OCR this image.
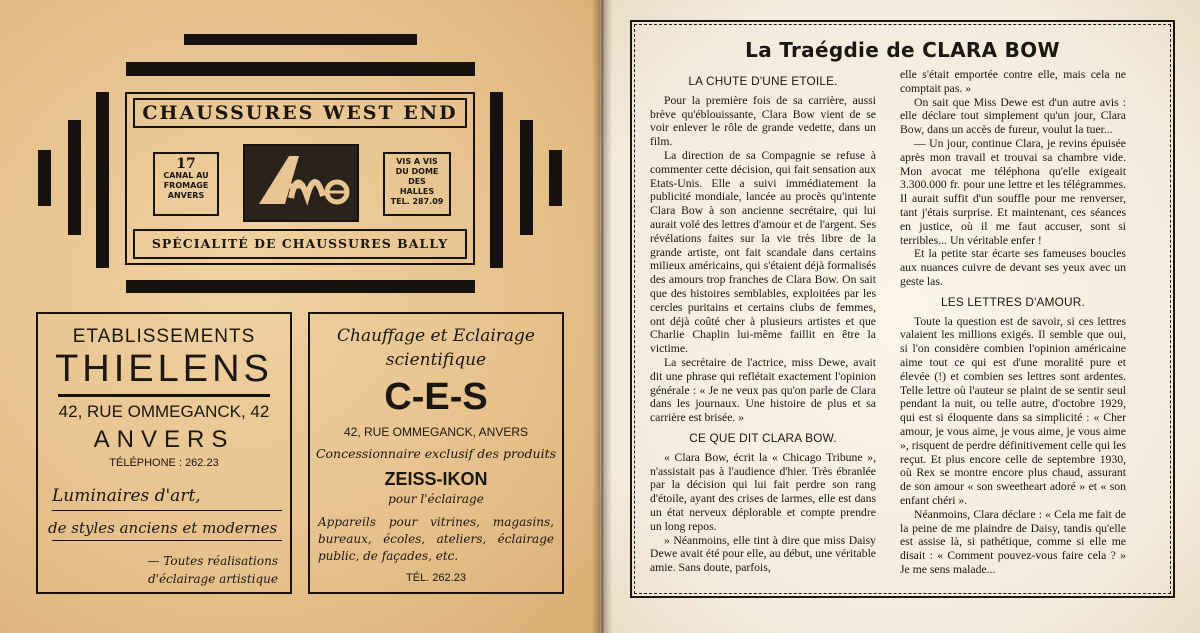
CHAUSSURES WEST END
17
CANAL AU
FROMAGE
ANVERS
VIS A VIS
DU DOME
DES
HALLES
TEL. 287.09
SPÉCIALITÉ DE CHAUSSURES BALLY
ETABLISSEMENTS
THIELENS
42, RUE OMMEGANCK, 42
ANVERS
TÉLÉPHONE : 262.23
Luminaires d'art,
de styles anciens et modernes
— Toutes réalisations
d'éclairage artistique
Chauffage et Eclairage
scientifique
C-E-S
42, RUE OMMEGANCK, ANVERS
Concessionnaire exclusif des produits
ZEISS-IKON
pour l'éclairage
Appareils pour vitrines, magasins, bureaux, écoles, ateliers, éclairage public, de façades, etc.
TÉL. 262.23
La Traégdie de CLARA BOW
LA CHUTE D'UNE ETOILE.

Pour la première fois de sa carrière, aussi brève qu'éblouissante, Clara Bow vient de se voir enlever le rôle de grande vedette, dans un film.

La direction de sa Compagnie se refuse à commenter cette décision, qui fait sensation aux Etats-Unis. Elle a suivi immédiatement la publicité mondiale, lancée au procès qu'intente Clara Bow à son ancienne secrétaire, qui lui aurait volé des lettres d'amour et de l'argent. Ses révélations faites sur la vie très libre de la grande artiste, ont fait scandale dans certains milieux américains, qui s'étaient déjà formalisés des amours trop franches de Clara Bow. On sait que des histoires semblables, exploitées par les cercles puritains et certains clubs de femmes, ont déjà coûté cher à plusieurs artistes et que Charlie Chaplin lui-même faillit en être la victime.

La secrétaire de l'actrice, miss Dewe, avait dit une phrase qui reflétait exactement l'opinion générale : « Je ne veux pas qu'on parle de Clara dans les journaux. Une histoire de plus et sa carrière est brisée. »

CE QUE DIT CLARA BOW.

« Clara Bow, écrit la « Chicago Tribune », n'assistait pas à l'audience d'hier. Très ébranlée par la décision qui lui fait perdre son rang d'étoile, ayant des crises de larmes, elle est dans un état nerveux déplorable et compte prendre un long repos.

» Néanmoins, elle tint à dire que miss Daisy Dewe avait été pour elle, au début, une véritable amie. Sans doute, parfois,

elle s'était emportée contre elle, mais cela ne comptait pas. »

On sait que Miss Dewe est d'un autre avis : elle déclare tout simplement qu'un jour, Clara Bow, dans un accès de fureur, voulut la tuer...

— Un jour, continue Clara, je revins épuisée après mon travail et trouvai sa chambre vide. Mon avocat me téléphona qu'elle exigeait 3.300.000 fr. pour une lettre et les télégrammes. Il aurait suffit d'un souffle pour me renverser, tant j'étais surprise. Et maintenant, ces séances en justice, où il me faut accuser, sont si terribles... Un véritable enfer !

Et la petite star écarte ses fameuses boucles aux nuances cuivre de devant ses yeux avec un geste las.

LES LETTRES D'AMOUR.

Toute la question est de savoir, si ces lettres valaient les millions exigés. Il semble que oui, si l'on considère combien l'opinion américaine aime tout ce qui est d'une moralité pure et élevée (!) et combien ses lettres sont ardentes. Telle lettre où l'auteur se plaint de se sentir seul pendant la nuit, ou telle autre, d'octobre 1929, qui est si éloquente dans sa simplicité : « Cher amour, je vous aime, je vous aime, je vous aime », risquent de perdre définitivement celle qui les reçut. Et plus encore celle de septembre 1930, où Rex se montre encore plus chaud, assurant de son amour « son sweetheart adoré » et « son enfant chéri ».

Néanmoins, Clara déclare : « Cela me fait de la peine de me plaindre de Daisy, tandis qu'elle est assise là, si pathétique, comme si elle me disait : « Comment pouvez-vous faire cela ? » Je me sens malade...
